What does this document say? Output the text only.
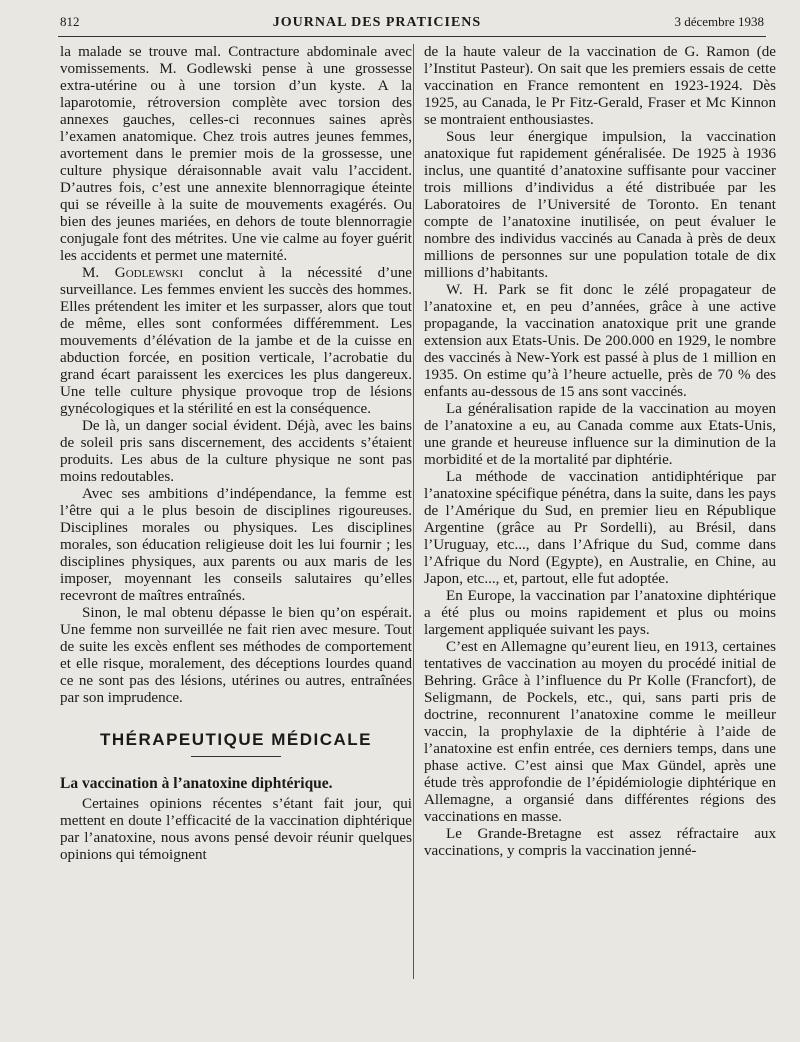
812	JOURNAL DES PRATICIENS	3 décembre 1938

la malade se trouve mal. Contracture abdominale avec vomissements. M. Godlewski pense à une grossesse extra-utérine ou à une torsion d’un kyste. A la laparotomie, rétroversion complète avec torsion des annexes gauches, celles-ci reconnues saines après l’examen anatomique. Chez trois autres jeunes femmes, avortement dans le premier mois de la grossesse, une culture physique déraisonnable avait valu l’accident. D’autres fois, c’est une annexite blennorragique éteinte qui se réveille à la suite de mouvements exagérés. Ou bien des jeunes mariées, en dehors de toute blennorragie conjugale font des métrites. Une vie calme au foyer guérit les accidents et permet une maternité.

M. Godlewski conclut à la nécessité d’une surveillance. Les femmes envient les succès des hommes. Elles prétendent les imiter et les surpasser, alors que tout de même, elles sont conformées différemment. Les mouvements d’élévation de la jambe et de la cuisse en abduction forcée, en position verticale, l’acrobatie du grand écart paraissent les exercices les plus dangereux. Une telle culture physique provoque trop de lésions gynécologiques et la stérilité en est la conséquence.

De là, un danger social évident. Déjà, avec les bains de soleil pris sans discernement, des accidents s’étaient produits. Les abus de la culture physique ne sont pas moins redoutables.

Avec ses ambitions d’indépendance, la femme est l’être qui a le plus besoin de disciplines rigoureuses. Disciplines morales ou physiques. Les disciplines morales, son éducation religieuse doit les lui fournir ; les disciplines physiques, aux parents ou aux maris de les imposer, moyennant les conseils salutaires qu’elles recevront de maîtres entraînés.

Sinon, le mal obtenu dépasse le bien qu’on espérait. Une femme non surveillée ne fait rien avec mesure. Tout de suite les excès enflent ses méthodes de comportement et elle risque, moralement, des déceptions lourdes quand ce ne sont pas des lésions, utérines ou autres, entraînées par son imprudence.

THÉRAPEUTIQUE MÉDICALE

La vaccination à l’anatoxine diphtérique.

Certaines opinions récentes s’étant fait jour, qui mettent en doute l’efficacité de la vaccination diphtérique par l’anatoxine, nous avons pensé devoir réunir quelques opinions qui témoignent

de la haute valeur de la vaccination de G. Ramon (de l’Institut Pasteur). On sait que les premiers essais de cette vaccination en France remontent en 1923-1924. Dès 1925, au Canada, le Pr Fitz-Gerald, Fraser et Mc Kinnon se montraient enthousiastes.

Sous leur énergique impulsion, la vaccination anatoxique fut rapidement généralisée. De 1925 à 1936 inclus, une quantité d’anatoxine suffisante pour vacciner trois millions d’individus a été distribuée par les Laboratoires de l’Université de Toronto. En tenant compte de l’anatoxine inutilisée, on peut évaluer le nombre des individus vaccinés au Canada à près de deux millions de personnes sur une population totale de dix millions d’habitants.

W. H. Park se fit donc le zélé propagateur de l’anatoxine et, en peu d’années, grâce à une active propagande, la vaccination anatoxique prit une grande extension aux Etats-Unis. De 200.000 en 1929, le nombre des vaccinés à New-York est passé à plus de 1 million en 1935. On estime qu’à l’heure actuelle, près de 70 % des enfants au-dessous de 15 ans sont vaccinés.

La généralisation rapide de la vaccination au moyen de l’anatoxine a eu, au Canada comme aux Etats-Unis, une grande et heureuse influence sur la diminution de la morbidité et de la mortalité par diphtérie.

La méthode de vaccination antidiphtérique par l’anatoxine spécifique pénétra, dans la suite, dans les pays de l’Amérique du Sud, en premier lieu en République Argentine (grâce au Pr Sordelli), au Brésil, dans l’Uruguay, etc..., dans l’Afrique du Sud, comme dans l’Afrique du Nord (Egypte), en Australie, en Chine, au Japon, etc..., et, partout, elle fut adoptée.

En Europe, la vaccination par l’anatoxine diphtérique a été plus ou moins rapidement et plus ou moins largement appliquée suivant les pays.

C’est en Allemagne qu’eurent lieu, en 1913, certaines tentatives de vaccination au moyen du procédé initial de Behring. Grâce à l’influence du Pr Kolle (Francfort), de Seligmann, de Pockels, etc., qui, sans parti pris de doctrine, reconnurent l’anatoxine comme le meilleur vaccin, la prophylaxie de la diphtérie à l’aide de l’anatoxine est enfin entrée, ces derniers temps, dans une phase active. C’est ainsi que Max Gündel, après une étude très approfondie de l’épidémiologie diphtérique en Allemagne, a organsié dans différentes régions des vaccinations en masse.

Le Grande-Bretagne est assez réfractaire aux vaccinations, y compris la vaccination jenné-
